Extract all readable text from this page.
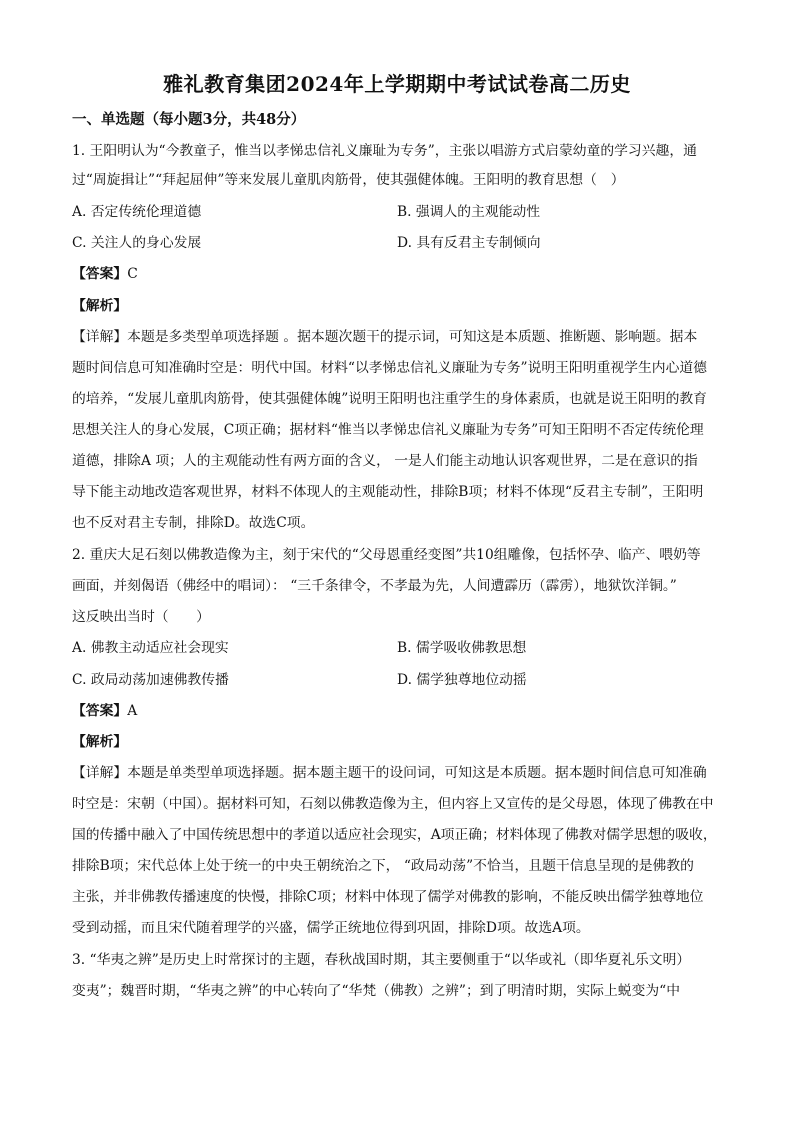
雅礼教育集团2024年上学期期中考试试卷高二历史
一、单选题（每小题3分，共48分）
1. 王阳明认为“今教童子，惟当以孝悌忠信礼义廉耻为专务”，主张以唱游方式启蒙幼童的学习兴趣，通
过“周旋揖让”“拜起屈伸”等来发展儿童肌肉筋骨，使其强健体魄。王阳明的教育思想（　）
A. 否定传统伦理道德	B. 强调人的主观能动性
C. 关注人的身心发展	D. 具有反君主专制倾向
【答案】C
【解析】
【详解】本题是多类型单项选择题 。据本题次题干的提示词，可知这是本质题、推断题、影响题。据本
题时间信息可知准确时空是：明代中国。材料“以孝悌忠信礼义廉耻为专务”说明王阳明重视学生内心道德
的培养，“发展儿童肌肉筋骨，使其强健体魄”说明王阳明也注重学生的身体素质，也就是说王阳明的教育
思想关注人的身心发展，C项正确；据材料“惟当以孝悌忠信礼义廉耻为专务”可知王阳明不否定传统伦理
道德，排除A 项；人的主观能动性有两方面的含义， 一是人们能主动地认识客观世界，二是在意识的指
导下能主动地改造客观世界，材料不体现人的主观能动性，排除B项；材料不体现“反君主专制”，王阳明
也不反对君主专制，排除D。故选C项。
2. 重庆大足石刻以佛教造像为主，刻于宋代的“父母恩重经变图”共10组雕像，包括怀孕、临产、喂奶等
画面，并刻偈语（佛经中的唱词）： “三千条律令，不孝最为先，人间遭霹历（霹雳），地狱饮洋铜。”
这反映出当时（　　）
A. 佛教主动适应社会现实	B. 儒学吸收佛教思想
C. 政局动荡加速佛教传播	D. 儒学独尊地位动摇
【答案】A
【解析】
【详解】本题是单类型单项选择题。据本题主题干的设问词，可知这是本质题。据本题时间信息可知准确
时空是：宋朝（中国）。据材料可知，石刻以佛教造像为主，但内容上又宣传的是父母恩，体现了佛教在中
国的传播中融入了中国传统思想中的孝道以适应社会现实，A项正确；材料体现了佛教对儒学思想的吸收，
排除B项；宋代总体上处于统一的中央王朝统治之下， “政局动荡”不恰当，且题干信息呈现的是佛教的
主张，并非佛教传播速度的快慢，排除C项；材料中体现了儒学对佛教的影响，不能反映出儒学独尊地位
受到动摇，而且宋代随着理学的兴盛，儒学正统地位得到巩固，排除D项。故选A项。
3. “华夷之辨”是历史上时常探讨的主题，春秋战国时期，其主要侧重于“以华或礼（即华夏礼乐文明）
变夷”；魏晋时期，“华夷之辨”的中心转向了“华梵（佛教）之辨”；到了明清时期，实际上蜕变为“中
